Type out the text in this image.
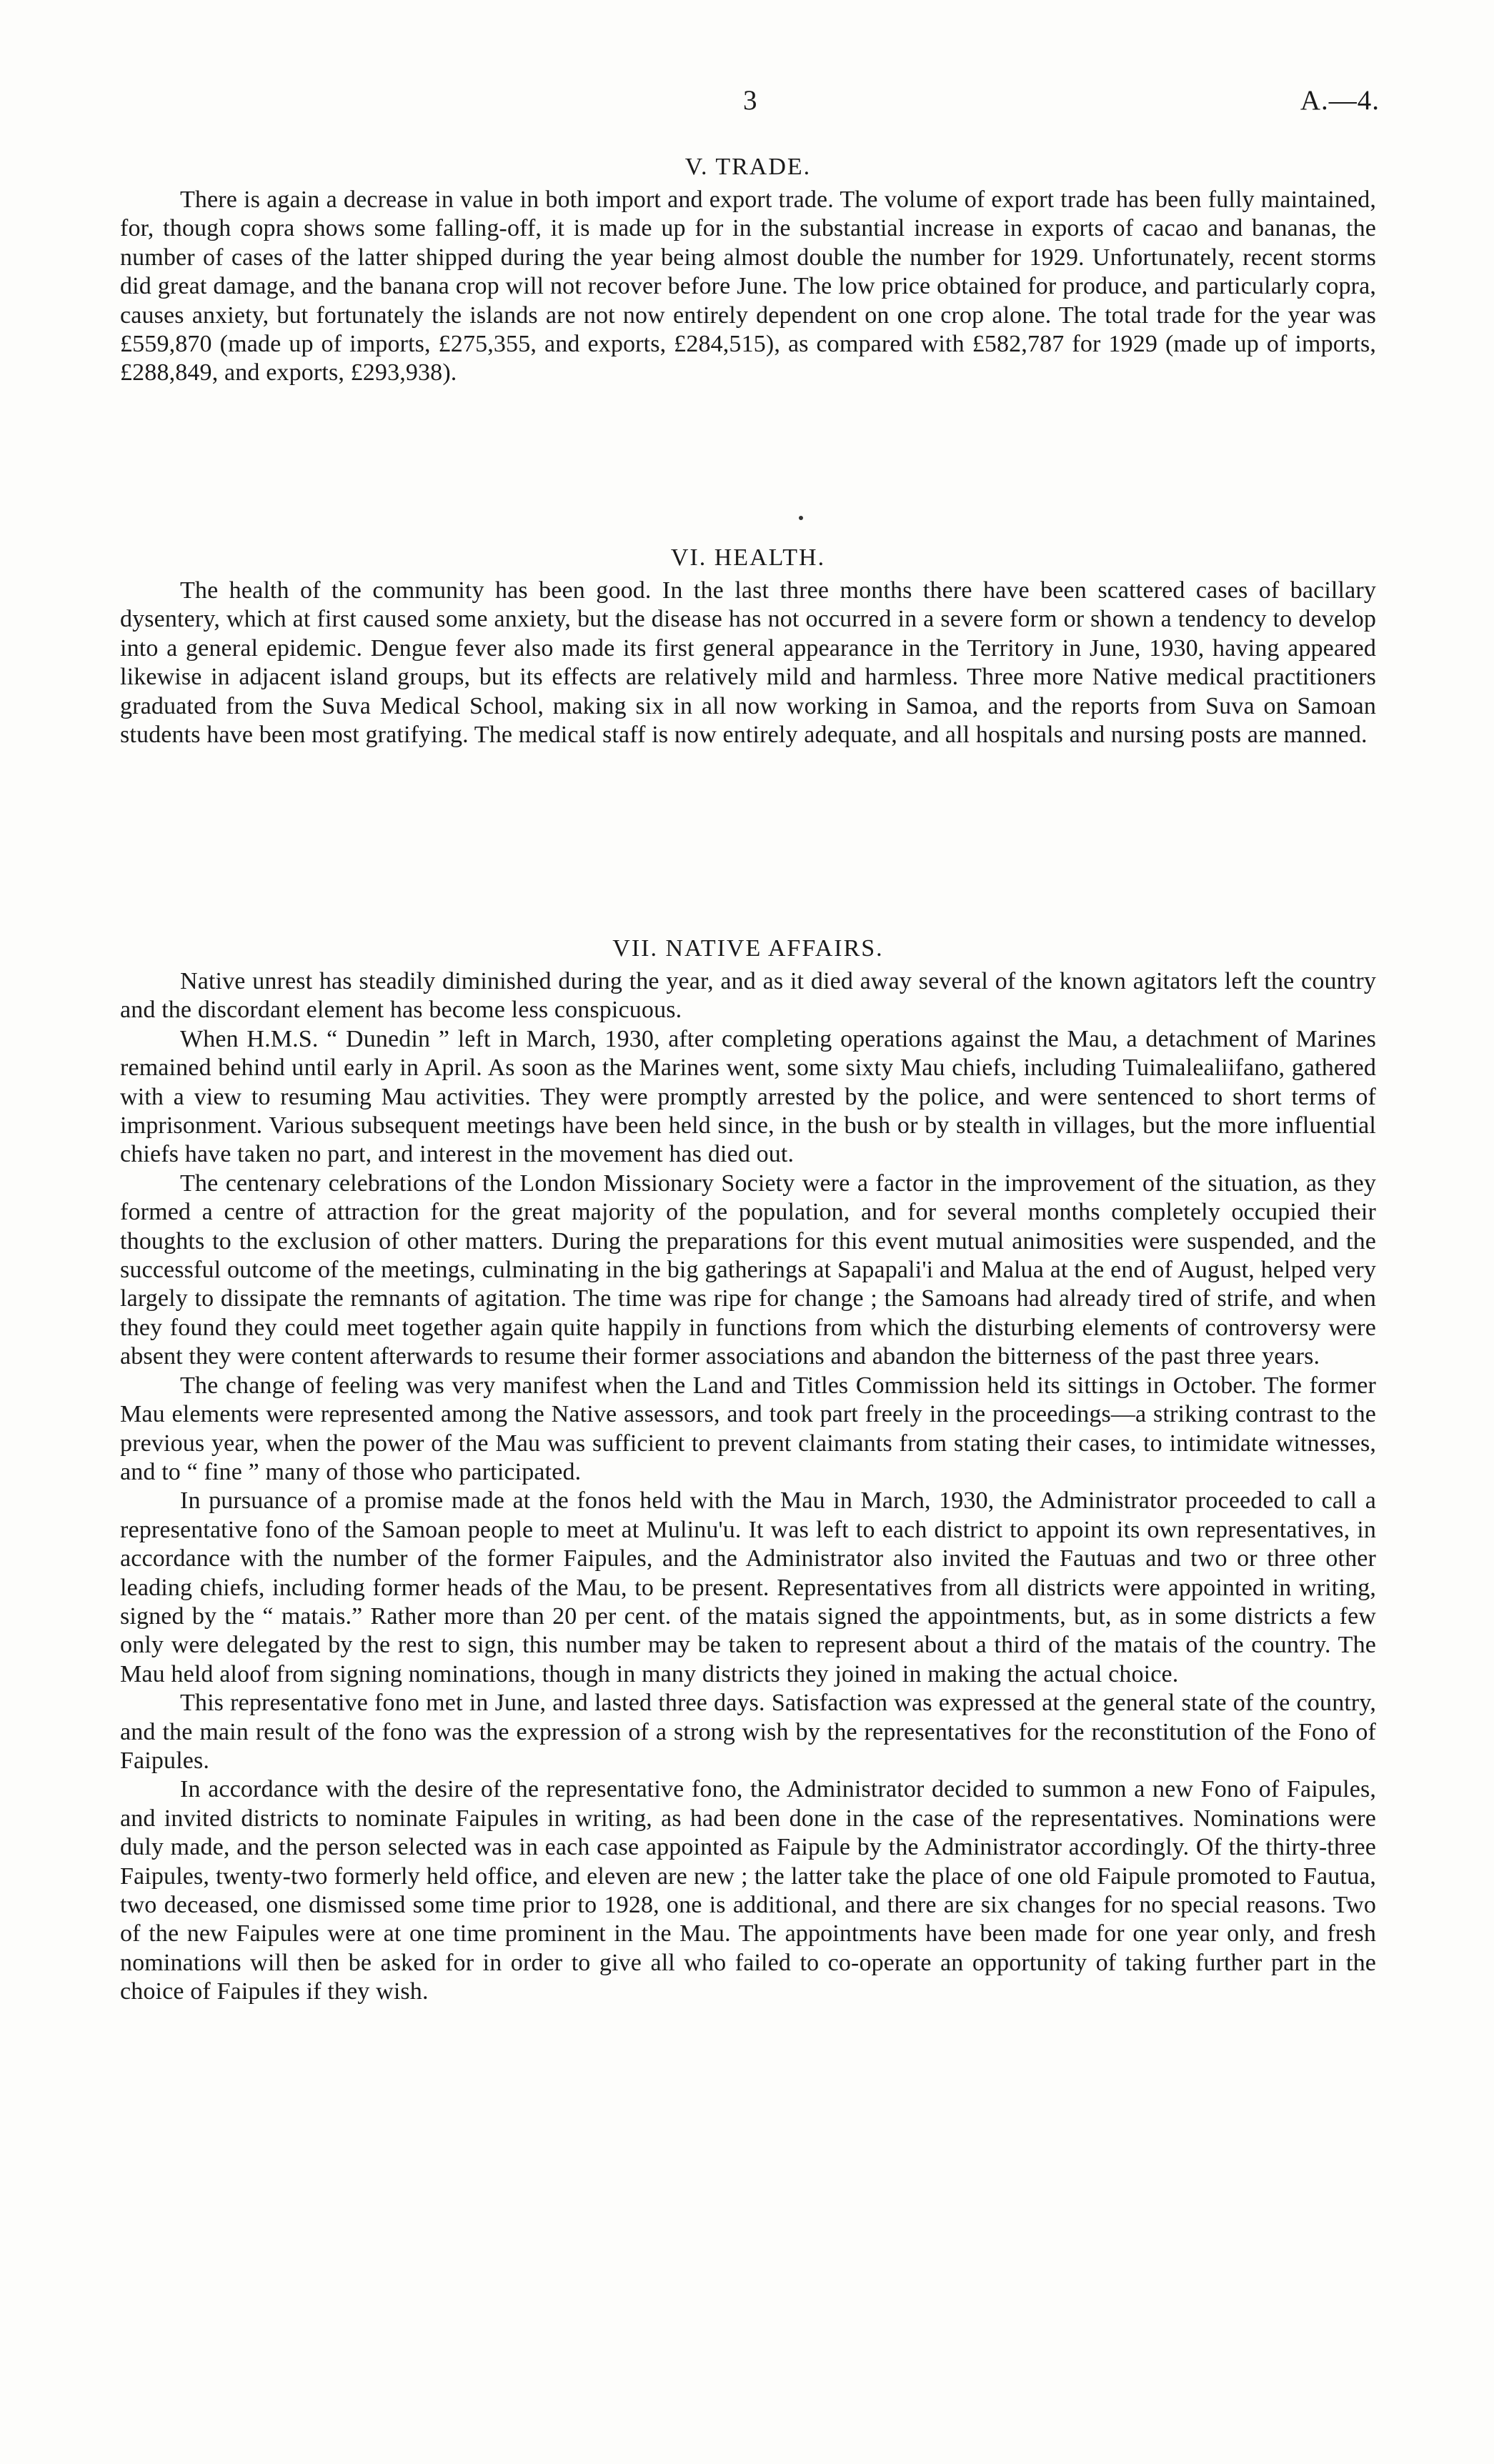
3	A.—4.
V. TRADE.

There is again a decrease in value in both import and export trade. The volume of export trade has been fully maintained, for, though copra shows some falling-off, it is made up for in the substantial increase in exports of cacao and bananas, the number of cases of the latter shipped during the year being almost double the number for 1929. Unfortunately, recent storms did great damage, and the banana crop will not recover before June. The low price obtained for produce, and particularly copra, causes anxiety, but fortunately the islands are not now entirely dependent on one crop alone. The total trade for the year was £559,870 (made up of imports, £275,355, and exports, £284,515), as compared with £582,787 for 1929 (made up of imports, £288,849, and exports, £293,938).

VI. HEALTH.

The health of the community has been good. In the last three months there have been scattered cases of bacillary dysentery, which at first caused some anxiety, but the disease has not occurred in a severe form or shown a tendency to develop into a general epidemic. Dengue fever also made its first general appearance in the Territory in June, 1930, having appeared likewise in adjacent island groups, but its effects are relatively mild and harmless. Three more Native medical practitioners graduated from the Suva Medical School, making six in all now working in Samoa, and the reports from Suva on Samoan students have been most gratifying. The medical staff is now entirely adequate, and all hospitals and nursing posts are manned.

VII. NATIVE AFFAIRS.

Native unrest has steadily diminished during the year, and as it died away several of the known agitators left the country and the discordant element has become less conspicuous.

When H.M.S. “ Dunedin ” left in March, 1930, after completing operations against the Mau, a detachment of Marines remained behind until early in April. As soon as the Marines went, some sixty Mau chiefs, including Tuimalealiifano, gathered with a view to resuming Mau activities. They were promptly arrested by the police, and were sentenced to short terms of imprisonment. Various subsequent meetings have been held since, in the bush or by stealth in villages, but the more influential chiefs have taken no part, and interest in the movement has died out.

The centenary celebrations of the London Missionary Society were a factor in the improvement of the situation, as they formed a centre of attraction for the great majority of the population, and for several months completely occupied their thoughts to the exclusion of other matters. During the preparations for this event mutual animosities were suspended, and the successful outcome of the meetings, culminating in the big gatherings at Sapapali'i and Malua at the end of August, helped very largely to dissipate the remnants of agitation. The time was ripe for change ; the Samoans had already tired of strife, and when they found they could meet together again quite happily in functions from which the disturbing elements of controversy were absent they were content afterwards to resume their former associations and abandon the bitterness of the past three years.

The change of feeling was very manifest when the Land and Titles Commission held its sittings in October. The former Mau elements were represented among the Native assessors, and took part freely in the proceedings—a striking contrast to the previous year, when the power of the Mau was sufficient to prevent claimants from stating their cases, to intimidate witnesses, and to “ fine ” many of those who participated.

In pursuance of a promise made at the fonos held with the Mau in March, 1930, the Administrator proceeded to call a representative fono of the Samoan people to meet at Mulinu'u. It was left to each district to appoint its own representatives, in accordance with the number of the former Faipules, and the Administrator also invited the Fautuas and two or three other leading chiefs, including former heads of the Mau, to be present. Representatives from all districts were appointed in writing, signed by the “ matais.” Rather more than 20 per cent. of the matais signed the appointments, but, as in some districts a few only were delegated by the rest to sign, this number may be taken to represent about a third of the matais of the country. The Mau held aloof from signing nominations, though in many districts they joined in making the actual choice.

This representative fono met in June, and lasted three days. Satisfaction was expressed at the general state of the country, and the main result of the fono was the expression of a strong wish by the representatives for the reconstitution of the Fono of Faipules.

In accordance with the desire of the representative fono, the Administrator decided to summon a new Fono of Faipules, and invited districts to nominate Faipules in writing, as had been done in the case of the representatives. Nominations were duly made, and the person selected was in each case appointed as Faipule by the Administrator accordingly. Of the thirty-three Faipules, twenty-two formerly held office, and eleven are new ; the latter take the place of one old Faipule promoted to Fautua, two deceased, one dismissed some time prior to 1928, one is additional, and there are six changes for no special reasons. Two of the new Faipules were at one time prominent in the Mau. The appointments have been made for one year only, and fresh nominations will then be asked for in order to give all who failed to co-operate an opportunity of taking further part in the choice of Faipules if they wish.
